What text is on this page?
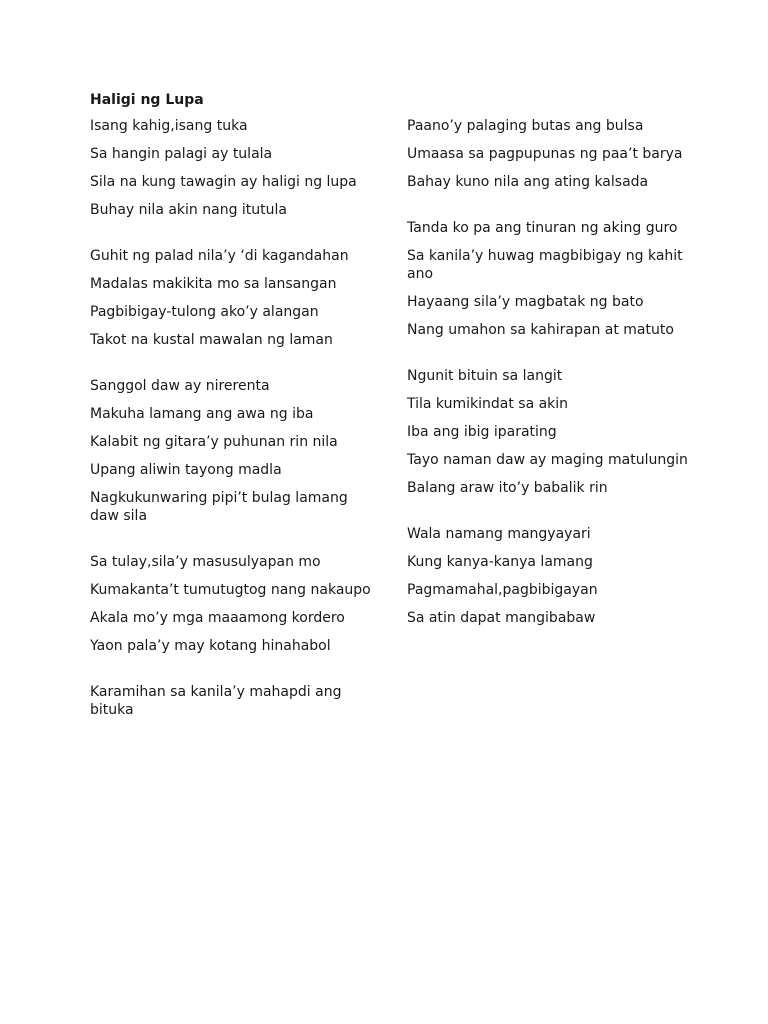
Haligi ng Lupa
Isang kahig,isang tuka
Sa hangin palagi ay tulala
Sila na kung tawagin ay haligi ng lupa
Buhay nila akin nang itutula
Guhit ng palad nila’y ‘di kagandahan
Madalas makikita mo sa lansangan
Pagbibigay-tulong ako’y alangan
Takot na kustal mawalan ng laman
Sanggol daw ay nirerenta
Makuha lamang ang awa ng iba
Kalabit ng gitara’y puhunan rin nila
Upang aliwin tayong madla
Nagkukunwaring pipi’t bulag lamang daw sila
Sa tulay,sila’y masusulyapan mo
Kumakanta’t tumutugtog nang nakaupo
Akala mo’y mga maaamong kordero
Yaon pala’y may kotang hinahabol
Karamihan sa kanila’y mahapdi ang bituka
Paano’y palaging butas ang bulsa
Umaasa sa pagpupunas ng paa’t barya
Bahay kuno nila ang ating kalsada
Tanda ko pa ang tinuran ng aking guro
Sa kanila’y huwag magbibigay ng kahit ano
Hayaang sila’y magbatak ng bato
Nang umahon sa kahirapan at matuto
Ngunit bituin sa langit
Tila kumikindat sa akin
Iba ang ibig iparating
Tayo naman daw ay maging matulungin
Balang araw ito’y babalik rin
Wala namang mangyayari
Kung kanya-kanya lamang
Pagmamahal,pagbibigayan
Sa atin dapat mangibabaw
